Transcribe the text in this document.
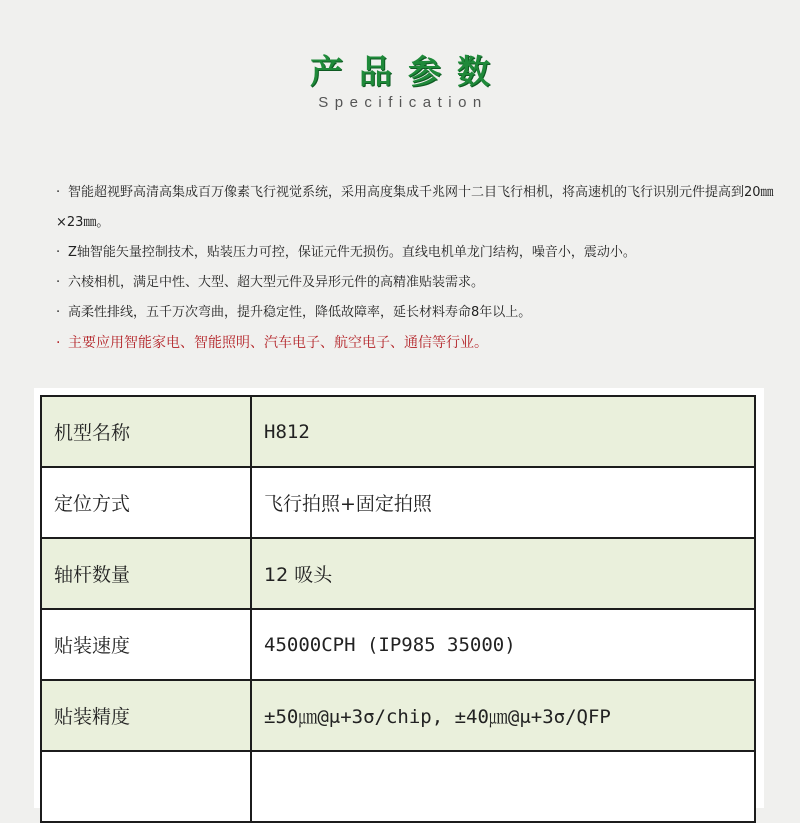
产品参数
Specification
· 智能超视野高清高集成百万像素飞行视觉系统，采用高度集成千兆网十二目飞行相机，将高速机的飞行识别元件提高到20㎜×23㎜。
· Z轴智能矢量控制技术，贴装压力可控，保证元件无损伤。直线电机单龙门结构，噪音小，震动小。
· 六棱相机，满足中性、大型、超大型元件及异形元件的高精准贴装需求。
· 高柔性排线，五千万次弯曲，提升稳定性，降低故障率，延长材料寿命8年以上。
· 主要应用智能家电、智能照明、汽车电子、航空电子、通信等行业。
机型名称	H812
定位方式	飞行拍照+固定拍照
轴杆数量	12 吸头
贴装速度	45000CPH (IP985 35000)
贴装精度	±50㎛@μ+3σ/chip, ±40㎛@μ+3σ/QFP
